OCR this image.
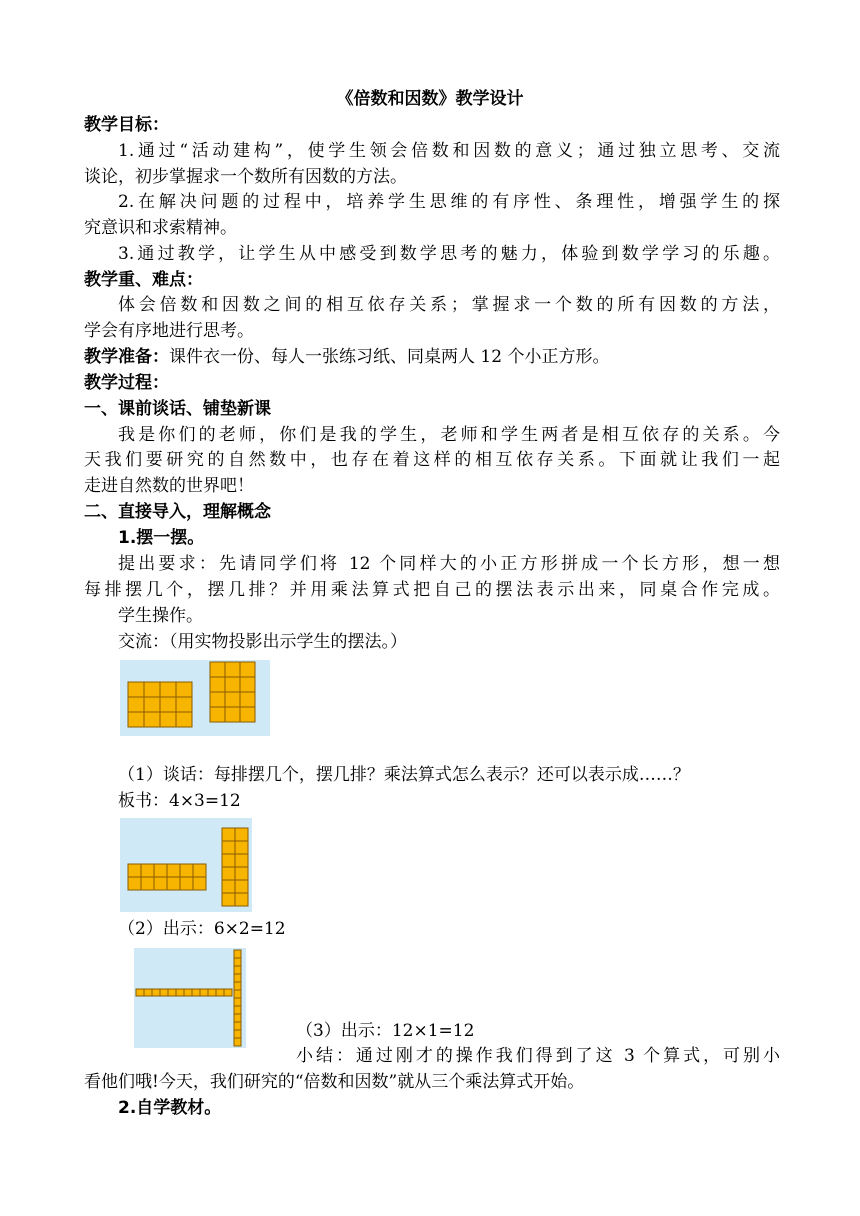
《倍数和因数》教学设计
教学目标：
1.通过“活动建构”，使学生领会倍数和因数的意义；通过独立思考、交流
谈论，初步掌握求一个数所有因数的方法。
2.在解决问题的过程中，培养学生思维的有序性、条理性，增强学生的探
究意识和求索精神。
3.通过教学，让学生从中感受到数学思考的魅力，体验到数学学习的乐趣。
教学重、难点：
体会倍数和因数之间的相互依存关系；掌握求一个数的所有因数的方法，
学会有序地进行思考。
教学准备：课件衣一份、每人一张练习纸、同桌两人 12 个小正方形。
教学过程：
一、课前谈话、铺垫新课
我是你们的老师，你们是我的学生，老师和学生两者是相互依存的关系。今
天我们要研究的自然数中，也存在着这样的相互依存关系。下面就让我们一起
走进自然数的世界吧！
二、直接导入，理解概念
1.摆一摆。
提出要求：先请同学们将 12 个同样大的小正方形拼成一个长方形，想一想
每排摆几个，摆几排？并用乘法算式把自己的摆法表示出来，同桌合作完成。
学生操作。
交流：（用实物投影出示学生的摆法。）
（1）谈话：每排摆几个，摆几排？乘法算式怎么表示？还可以表示成……？
板书：4×3=12
（2）出示：6×2=12
（3）出示：12×1=12
小结：通过刚才的操作我们得到了这 3 个算式，可别小
看他们哦!今天，我们研究的“倍数和因数”就从三个乘法算式开始。
2.自学教材。
